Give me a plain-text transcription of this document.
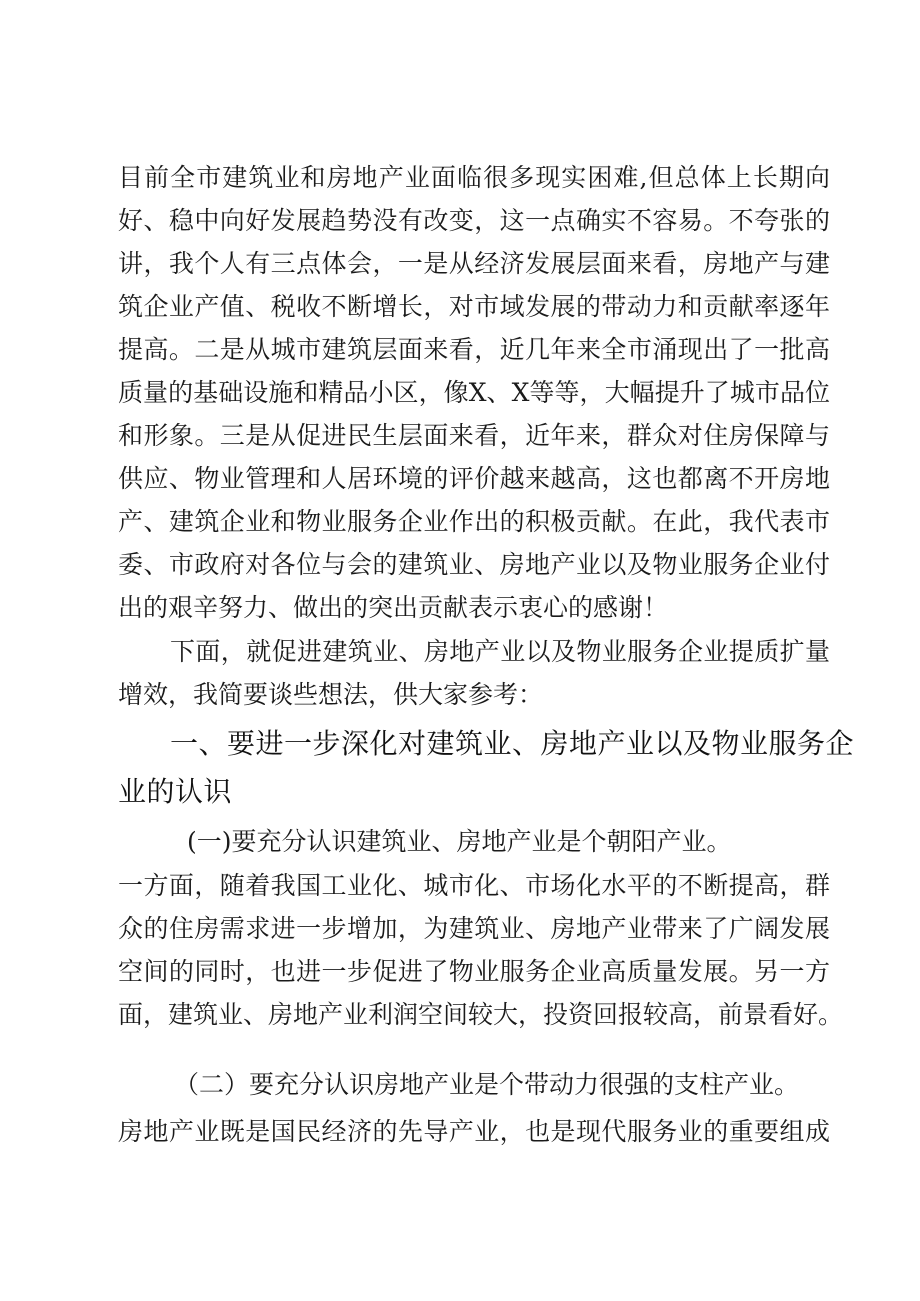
目前全市建筑业和房地产业面临很多现实困难,但总体上长期向
好、稳中向好发展趋势没有改变，这一点确实不容易。不夸张的
讲，我个人有三点体会，一是从经济发展层面来看，房地产与建
筑企业产值、税收不断增长，对市域发展的带动力和贡献率逐年
提高。二是从城市建筑层面来看，近几年来全市涌现出了一批高
质量的基础设施和精品小区，像X、X等等，大幅提升了城市品位
和形象。三是从促进民生层面来看，近年来，群众对住房保障与
供应、物业管理和人居环境的评价越来越高，这也都离不开房地
产、建筑企业和物业服务企业作出的积极贡献。在此，我代表市
委、市政府对各位与会的建筑业、房地产业以及物业服务企业付
出的艰辛努力、做出的突出贡献表示衷心的感谢！
下面，就促进建筑业、房地产业以及物业服务企业提质扩量
增效，我简要谈些想法，供大家参考：
一、要进一步深化对建筑业、房地产业以及物业服务企
业的认识
(一)要充分认识建筑业、房地产业是个朝阳产业。
一方面，随着我国工业化、城市化、市场化水平的不断提高，群
众的住房需求进一步增加，为建筑业、房地产业带来了广阔发展
空间的同时，也进一步促进了物业服务企业高质量发展。另一方
面，建筑业、房地产业利润空间较大，投资回报较高，前景看好。
（二）要充分认识房地产业是个带动力很强的支柱产业。
房地产业既是国民经济的先导产业，也是现代服务业的重要组成
